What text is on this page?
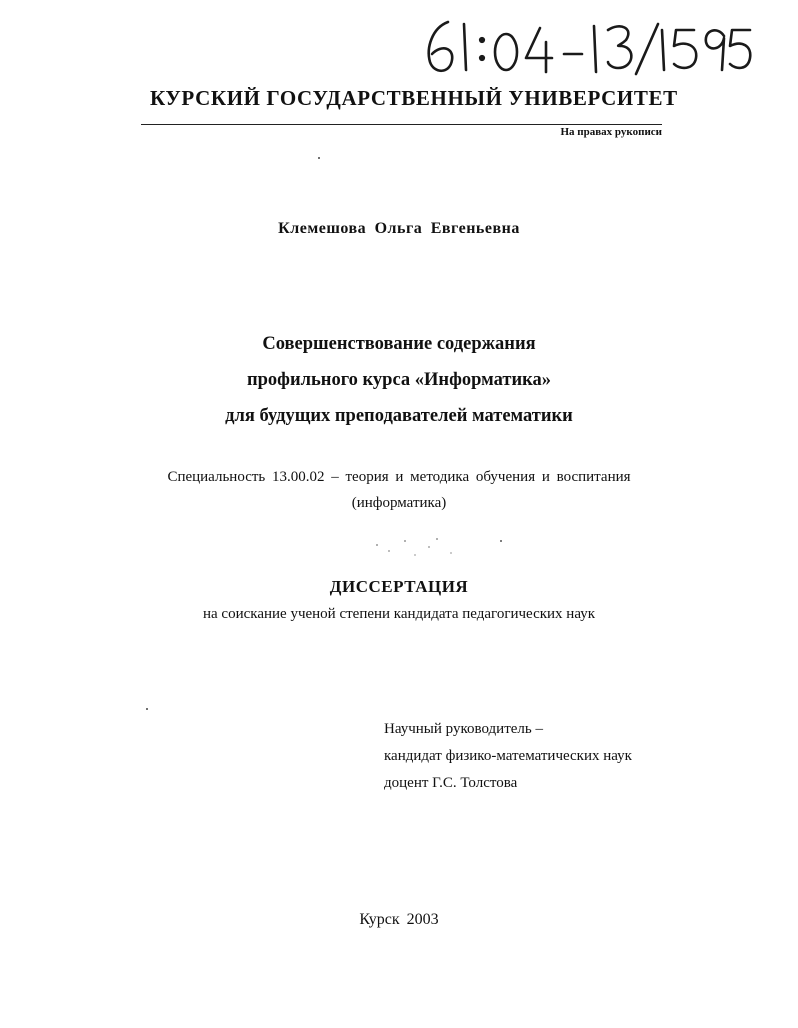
КУРСКИЙ ГОСУДАРСТВЕННЫЙ УНИВЕРСИТЕТ
На правах рукописи
Клемешова Ольга Евгеньевна
Совершенствование содержания
профильного курса «Информатика»
для будущих преподавателей математики
Специальность 13.00.02 – теория и методика обучения и воспитания
(информатика)
ДИССЕРТАЦИЯ
на соискание ученой степени кандидата педагогических наук
Научный руководитель –
кандидат физико-математических наук
доцент Г.С. Толстова
Курск 2003
